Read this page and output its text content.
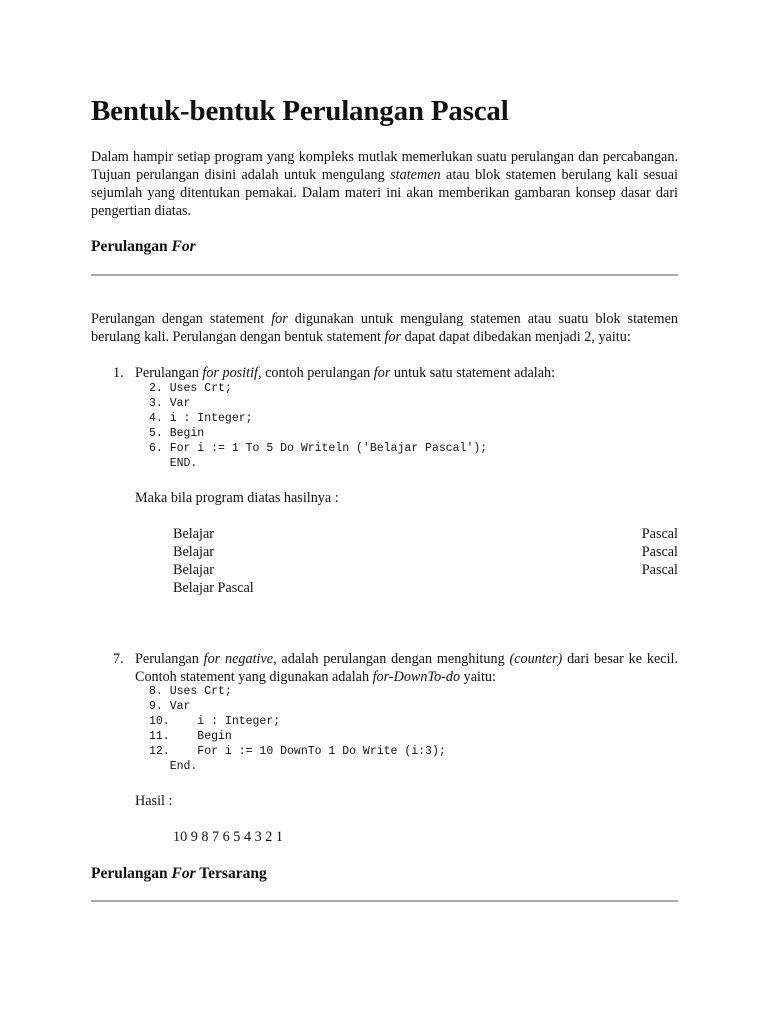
Bentuk-bentuk Perulangan Pascal

Dalam hampir setiap program yang kompleks mutlak memerlukan suatu perulangan dan percabangan. Tujuan perulangan disini adalah untuk mengulang statemen atau blok statemen berulang kali sesuai sejumlah yang ditentukan pemakai. Dalam materi ini akan memberikan gambaran konsep dasar dari pengertian diatas.

Perulangan For

Perulangan dengan statement for digunakan untuk mengulang statemen atau suatu blok statemen berulang kali. Perulangan dengan bentuk statement for dapat dapat dibedakan menjadi 2, yaitu:

1. Perulangan for positif, contoh perulangan for untuk satu statement adalah:
2. Uses Crt;
3. Var
4. i : Integer;
5. Begin
6. For i := 1 To 5 Do Writeln ('Belajar Pascal');
END.
Maka bila program diatas hasilnya :
Belajar	Pascal
Belajar	Pascal
Belajar	Pascal
Belajar Pascal
7. Perulangan for negative, adalah perulangan dengan menghitung (counter) dari besar ke kecil. Contoh statement yang digunakan adalah for-DownTo-do yaitu:
8. Uses Crt;
9. Var
10.    i : Integer;
11.    Begin
12.    For i := 10 DownTo 1 Do Write (i:3);
End.
Hasil :
10 9 8 7 6 5 4 3 2 1
Perulangan For Tersarang
